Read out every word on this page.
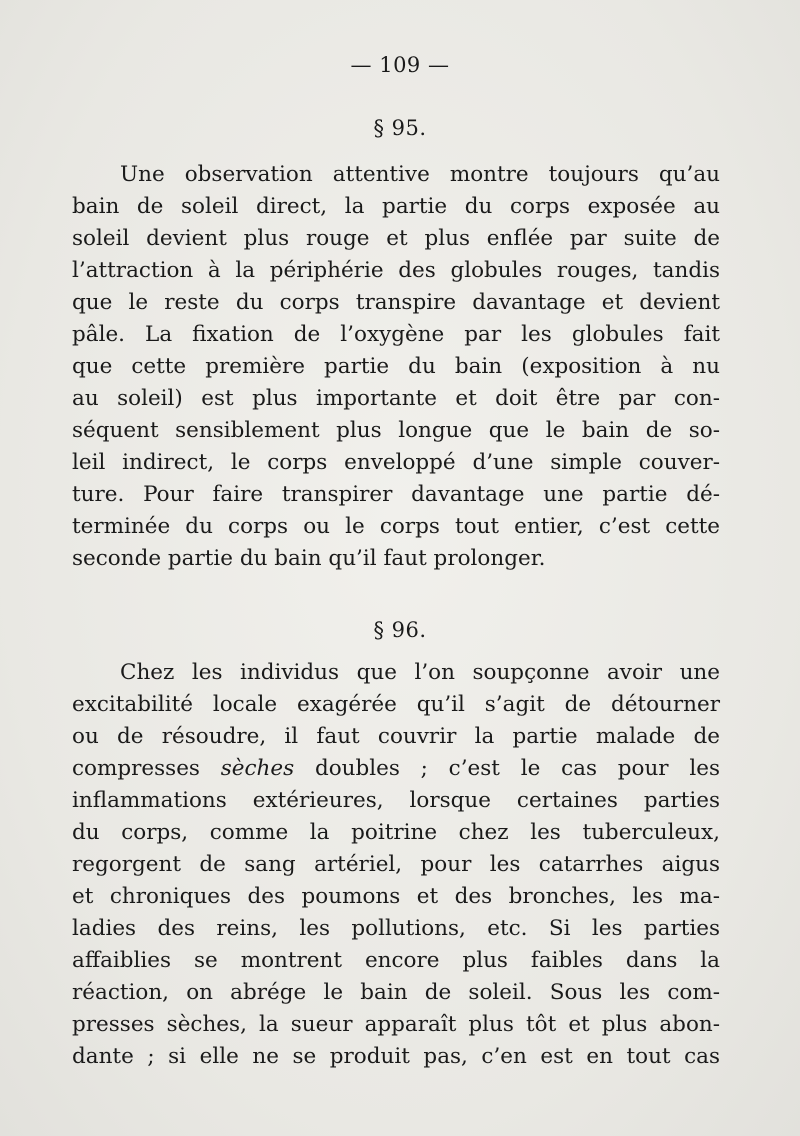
— 109 —
§ 95.
Une observation attentive montre toujours qu’au
bain de soleil direct, la partie du corps exposée au
soleil devient plus rouge et plus enflée par suite de
l’attraction à la périphérie des globules rouges, tandis
que le reste du corps transpire davantage et devient
pâle. La fixation de l’oxygène par les globules fait
que cette première partie du bain (exposition à nu
au soleil) est plus importante et doit être par con-
séquent sensiblement plus longue que le bain de so-
leil indirect, le corps enveloppé d’une simple couver-
ture. Pour faire transpirer davantage une partie dé-
terminée du corps ou le corps tout entier, c’est cette
seconde partie du bain qu’il faut prolonger.
§ 96.
Chez les individus que l’on soupçonne avoir une
excitabilité locale exagérée qu’il s’agit de détourner
ou de résoudre, il faut couvrir la partie malade de
compresses sèches doubles ; c’est le cas pour les
inflammations extérieures, lorsque certaines parties
du corps, comme la poitrine chez les tuberculeux,
regorgent de sang artériel, pour les catarrhes aigus
et chroniques des poumons et des bronches, les ma-
ladies des reins, les pollutions, etc. Si les parties
affaiblies se montrent encore plus faibles dans la
réaction, on abrége le bain de soleil. Sous les com-
presses sèches, la sueur apparaît plus tôt et plus abon-
dante ; si elle ne se produit pas, c’en est en tout cas
